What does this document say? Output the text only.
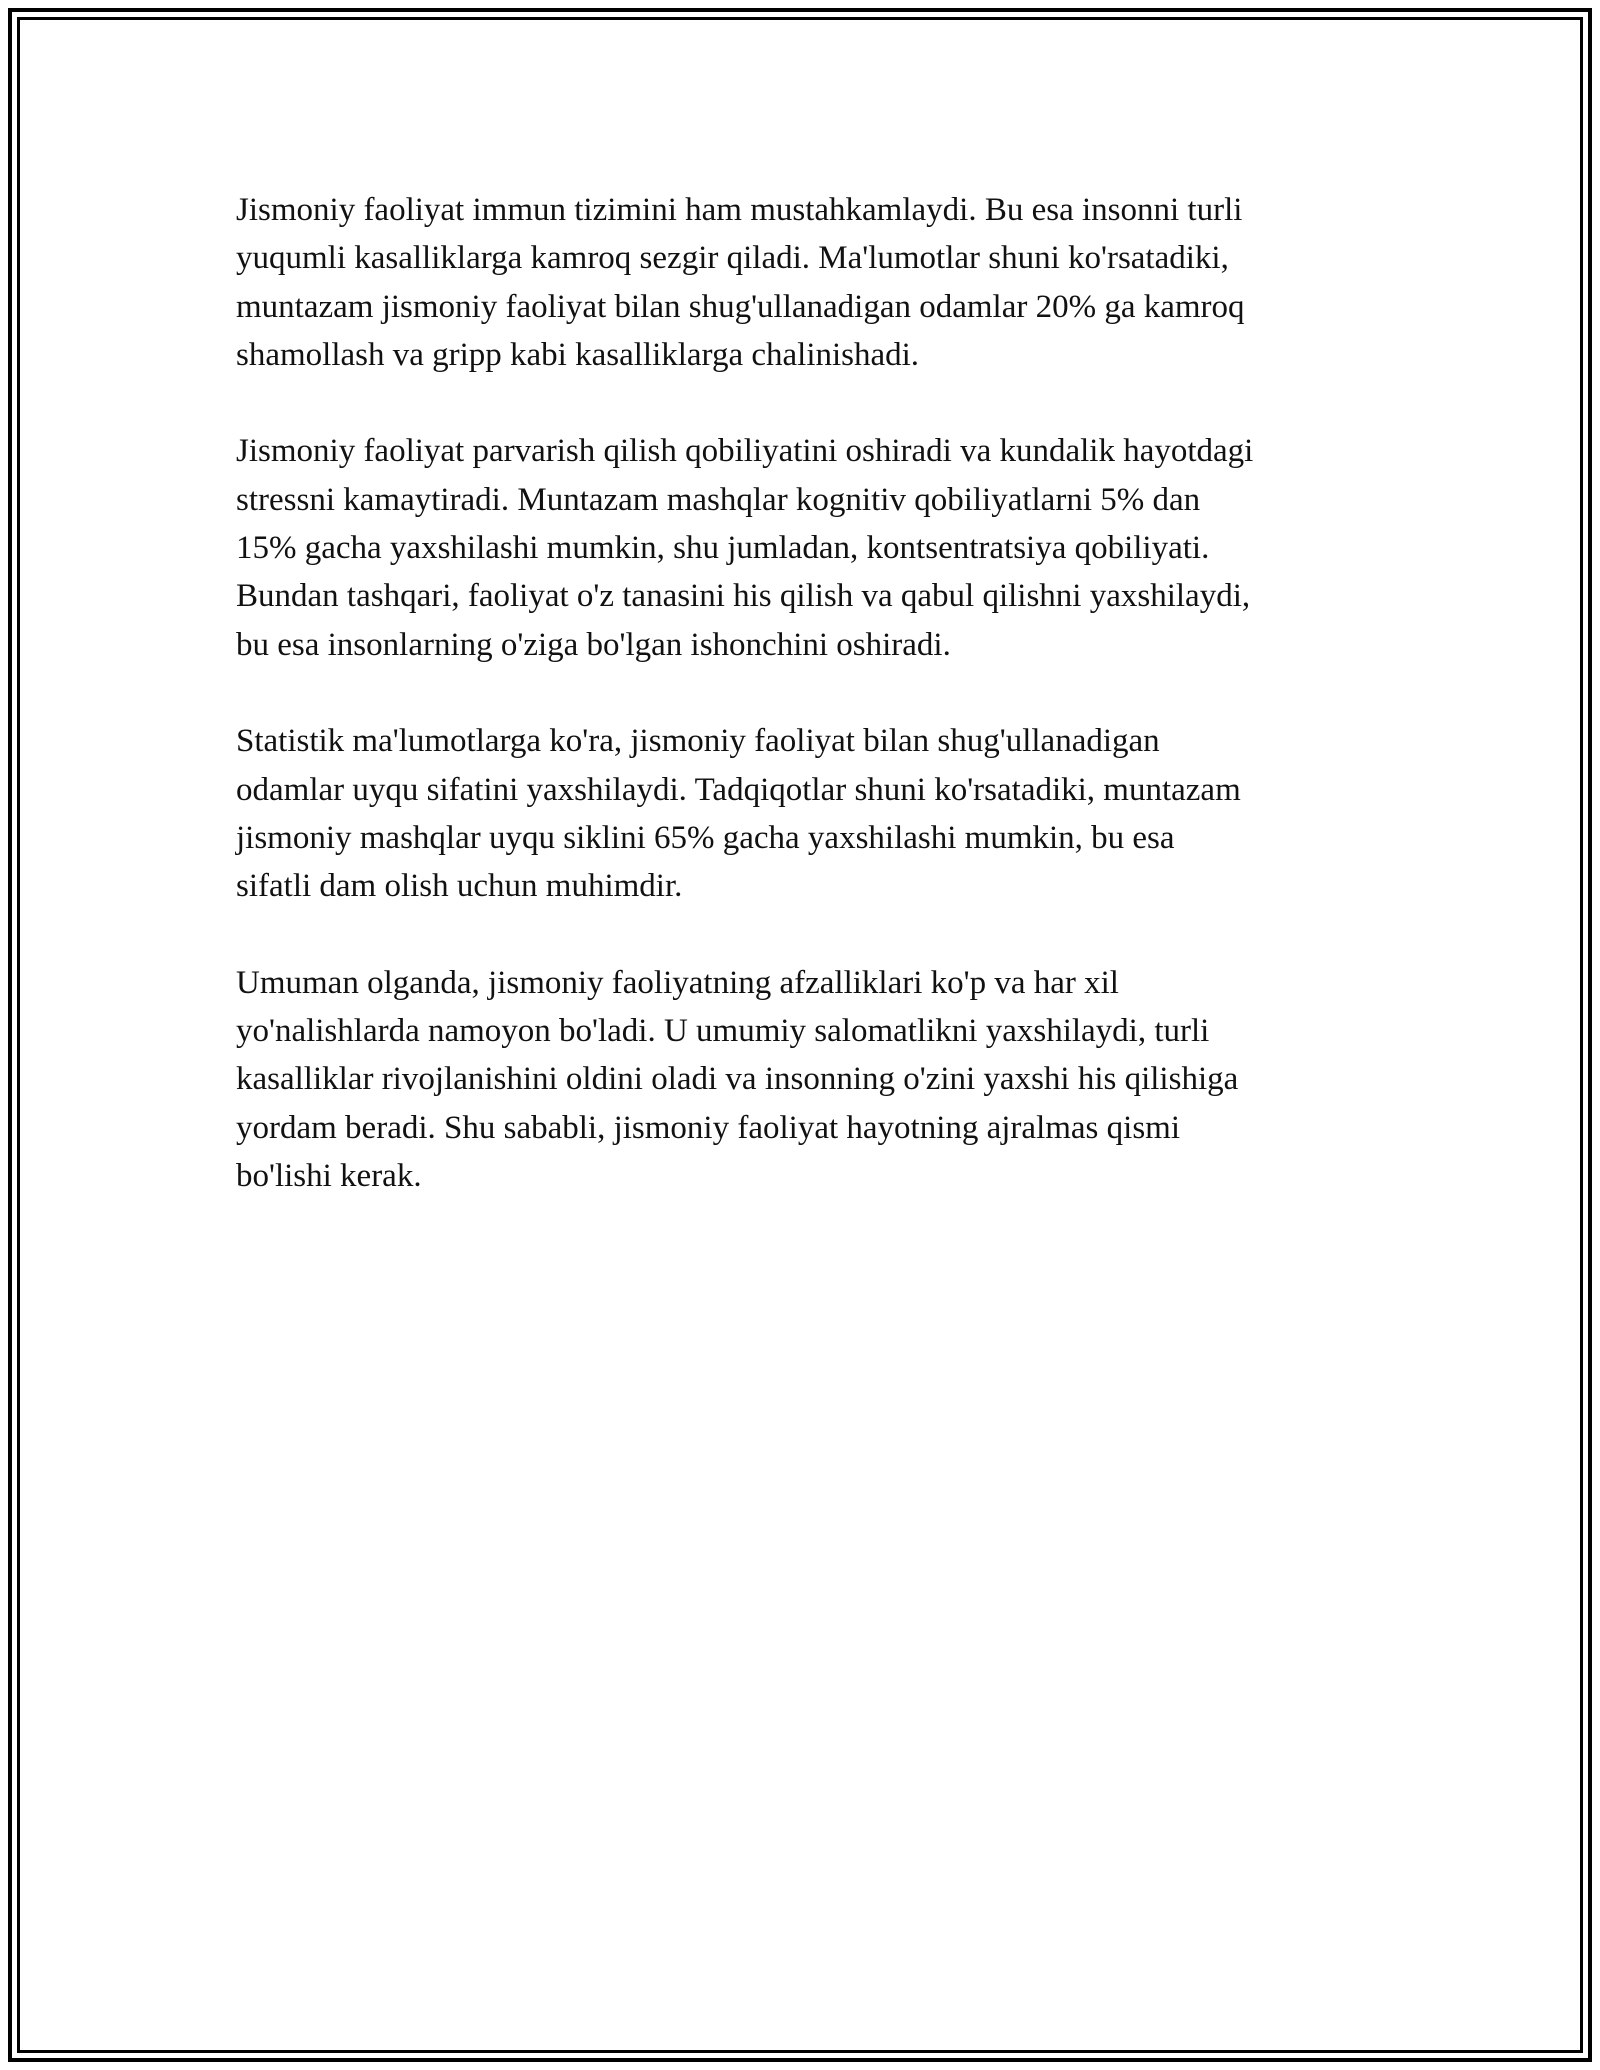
Jismoniy faoliyat immun tizimini ham mustahkamlaydi. Bu esa insonni turli
yuqumli kasalliklarga kamroq sezgir qiladi. Ma'lumotlar shuni ko'rsatadiki,
muntazam jismoniy faoliyat bilan shug'ullanadigan odamlar 20% ga kamroq
shamollash va gripp kabi kasalliklarga chalinishadi.

Jismoniy faoliyat parvarish qilish qobiliyatini oshiradi va kundalik hayotdagi
stressni kamaytiradi. Muntazam mashqlar kognitiv qobiliyatlarni 5% dan
15% gacha yaxshilashi mumkin, shu jumladan, kontsentratsiya qobiliyati.
Bundan tashqari, faoliyat o'z tanasini his qilish va qabul qilishni yaxshilaydi,
bu esa insonlarning o'ziga bo'lgan ishonchini oshiradi.

Statistik ma'lumotlarga ko'ra, jismoniy faoliyat bilan shug'ullanadigan
odamlar uyqu sifatini yaxshilaydi. Tadqiqotlar shuni ko'rsatadiki, muntazam
jismoniy mashqlar uyqu siklini 65% gacha yaxshilashi mumkin, bu esa
sifatli dam olish uchun muhimdir.

Umuman olganda, jismoniy faoliyatning afzalliklari ko'p va har xil
yo'nalishlarda namoyon bo'ladi. U umumiy salomatlikni yaxshilaydi, turli
kasalliklar rivojlanishini oldini oladi va insonning o'zini yaxshi his qilishiga
yordam beradi. Shu sababli, jismoniy faoliyat hayotning ajralmas qismi
bo'lishi kerak.
